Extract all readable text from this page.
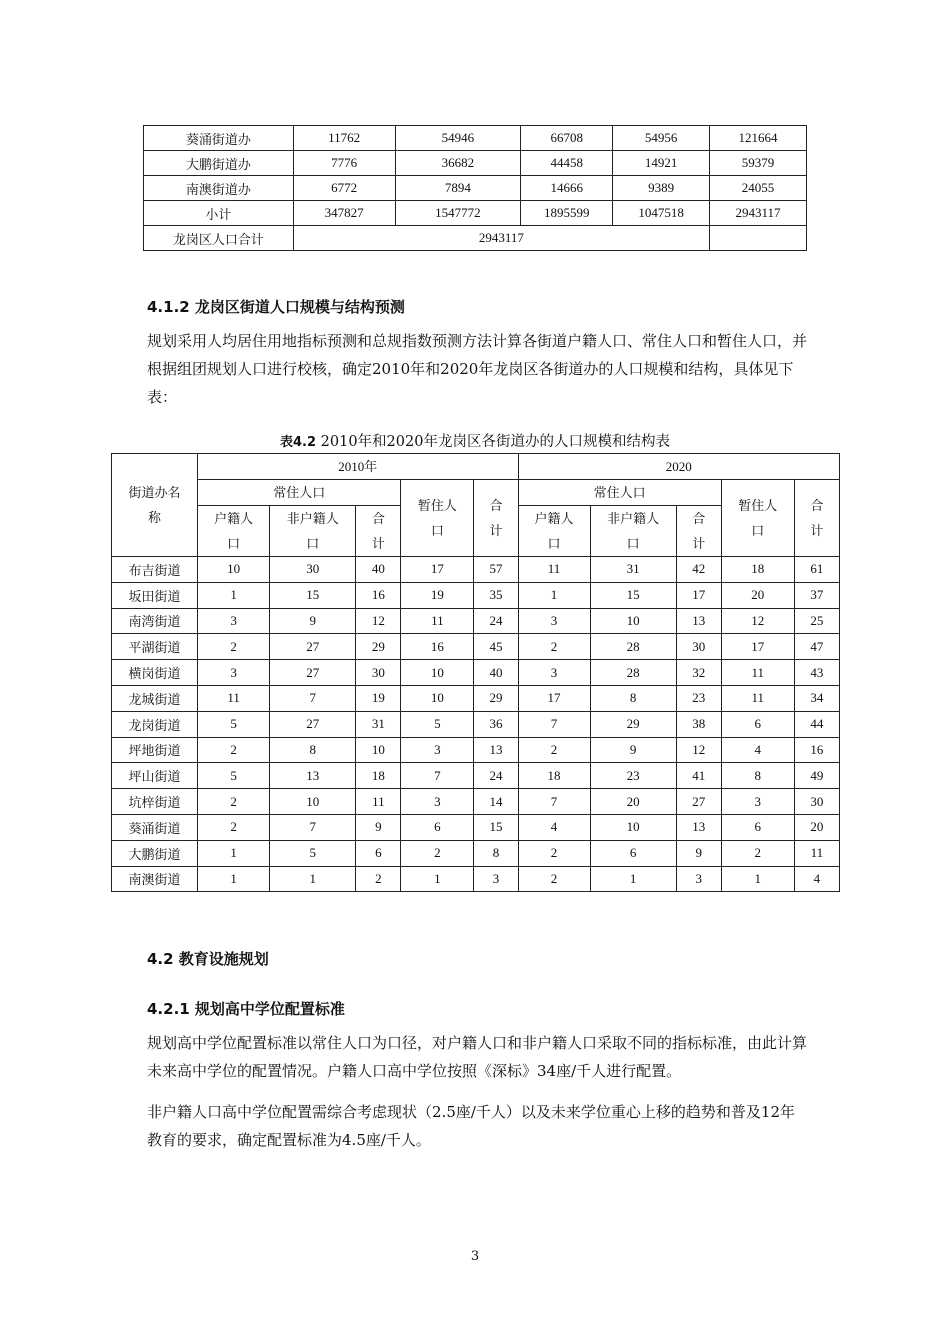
葵涌街道办	11762	54946	66708	54956	121664
大鹏街道办	7776	36682	44458	14921	59379
南澳街道办	6772	7894	14666	9389	24055
小计	347827	1547772	1895599	1047518	2943117
龙岗区人口合计	2943117				
4.1.2 龙岗区街道人口规模与结构预测

规划采用人均居住用地指标预测和总规指数预测方法计算各街道户籍人口、常住人口和暂住人口，并根据组团规划人口进行校核，确定2010年和2020年龙岗区各街道办的人口规模和结构，具体见下表：

表4.2 2010年和2020年龙岗区各街道办的人口规模和结构表

街道办名称	2010年					2020				
	常住人口			暂住人口	合计	常住人口			暂住人口	合计
	户籍人口	非户籍人口	合计			户籍人口	非户籍人口	合计		

布吉街道	10	30	40	17	57	11	31	42	18	61
坂田街道	1	15	16	19	35	1	15	17	20	37
南湾街道	3	9	12	11	24	3	10	13	12	25
平湖街道	2	27	29	16	45	2	28	30	17	47
横岗街道	3	27	30	10	40	3	28	32	11	43
龙城街道	11	7	19	10	29	17	8	23	11	34
龙岗街道	5	27	31	5	36	7	29	38	6	44
坪地街道	2	8	10	3	13	2	9	12	4	16
坪山街道	5	13	18	7	24	18	23	41	8	49
坑梓街道	2	10	11	3	14	7	20	27	3	30
葵涌街道	2	7	9	6	15	4	10	13	6	20
大鹏街道	1	5	6	2	8	2	6	9	2	11
南澳街道	1	1	2	1	3	2	1	3	1	4
4.2 教育设施规划
4.2.1 规划高中学位配置标准

规划高中学位配置标准以常住人口为口径，对户籍人口和非户籍人口采取不同的指标标准，由此计算未来高中学位的配置情况。户籍人口高中学位按照《深标》34座/千人进行配置。

非户籍人口高中学位配置需综合考虑现状（2.5座/千人）以及未来学位重心上移的趋势和普及12年教育的要求，确定配置标准为4.5座/千人。

3
